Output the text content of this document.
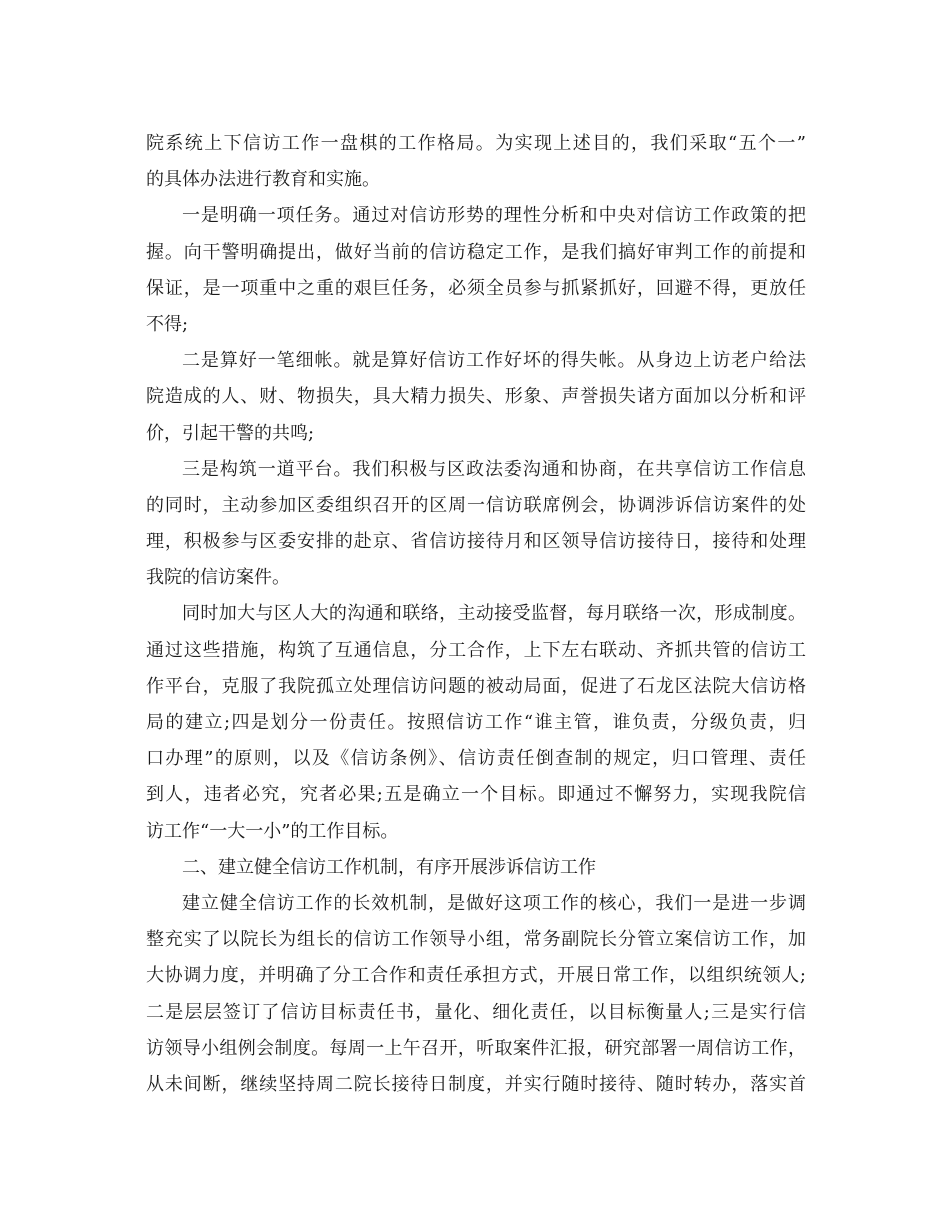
院系统上下信访工作一盘棋的工作格局。为实现上述目的，我们采取“五个一”
的具体办法进行教育和实施。
一是明确一项任务。通过对信访形势的理性分析和中央对信访工作政策的把
握。向干警明确提出，做好当前的信访稳定工作，是我们搞好审判工作的前提和
保证，是一项重中之重的艰巨任务，必须全员参与抓紧抓好，回避不得，更放任
不得;
二是算好一笔细帐。就是算好信访工作好坏的得失帐。从身边上访老户给法
院造成的人、财、物损失，具大精力损失、形象、声誉损失诸方面加以分析和评
价，引起干警的共鸣;
三是构筑一道平台。我们积极与区政法委沟通和协商，在共享信访工作信息
的同时，主动参加区委组织召开的区周一信访联席例会，协调涉诉信访案件的处
理，积极参与区委安排的赴京、省信访接待月和区领导信访接待日，接待和处理
我院的信访案件。
同时加大与区人大的沟通和联络，主动接受监督，每月联络一次，形成制度。
通过这些措施，构筑了互通信息，分工合作，上下左右联动、齐抓共管的信访工
作平台，克服了我院孤立处理信访问题的被动局面，促进了石龙区法院大信访格
局的建立;四是划分一份责任。按照信访工作“谁主管，谁负责，分级负责，归
口办理”的原则，以及《信访条例》、信访责任倒查制的规定，归口管理、责任
到人，违者必究，究者必果;五是确立一个目标。即通过不懈努力，实现我院信
访工作“一大一小”的工作目标。
二、建立健全信访工作机制，有序开展涉诉信访工作
建立健全信访工作的长效机制，是做好这项工作的核心，我们一是进一步调
整充实了以院长为组长的信访工作领导小组，常务副院长分管立案信访工作，加
大协调力度，并明确了分工合作和责任承担方式，开展日常工作，以组织统领人;
二是层层签订了信访目标责任书，量化、细化责任，以目标衡量人;三是实行信
访领导小组例会制度。每周一上午召开，听取案件汇报，研究部署一周信访工作，
从未间断，继续坚持周二院长接待日制度，并实行随时接待、随时转办，落实首
